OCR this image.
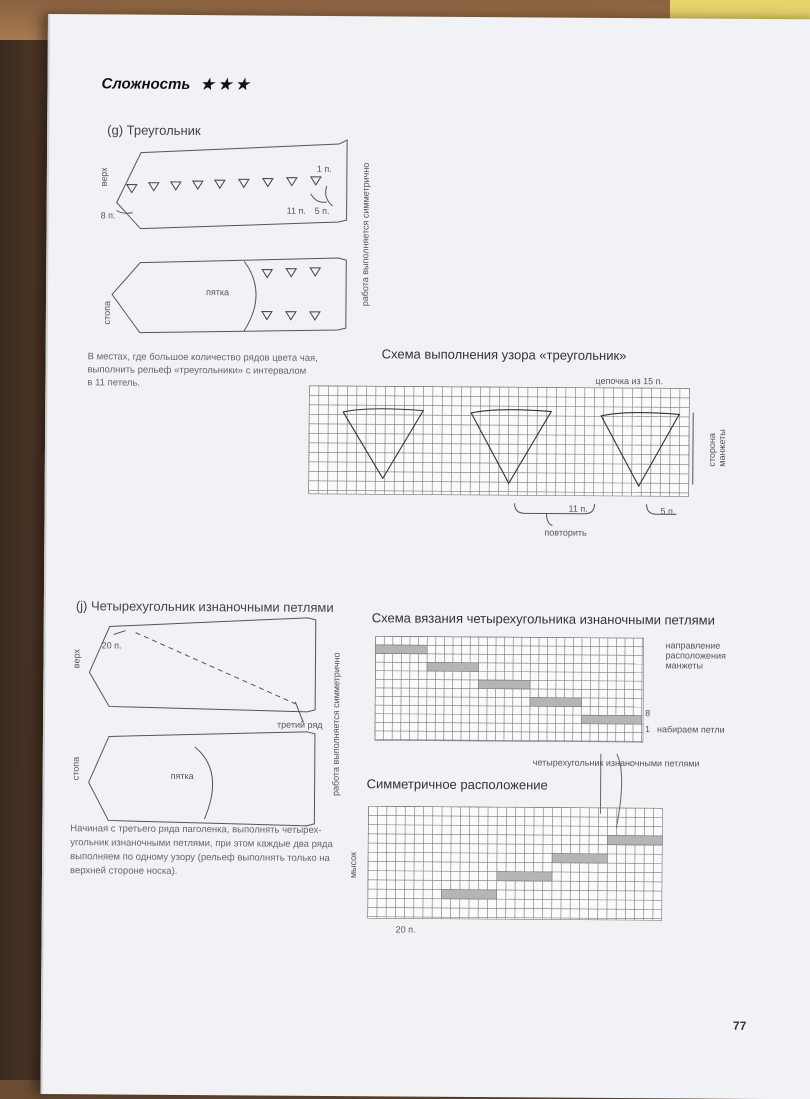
Сложность ★ ★ ★
(g) Треугольник
1 п.
8 п.	11 п. 5 п.
верх
стопа
пятка	работа выполняется симметрично
В местах, где большое количество рядов цвета чая,
выполнить рельеф «треугольники» с интервалом
в 11 петель.
Схема выполнения узора «треугольник»
цепочка из 15 п.
сторона манжеты
11 п.	5 п.
повторить
(j) Четырехугольник изнаночными петлями
20 п.
верх
стопа	пятка
третий ряд работа выполняется симметрично
Начиная с третьего ряда паголенка, выполнять четырех-
угольник изнаночными петлями, при этом каждые два ряда
выполняем по одному узору (рельеф выполнять только на
верхней стороне носка).
Схема вязания четырехугольника изнаночными петлями
направление
расположения
манжеты
8
1 набираем петли
четырехугольник изнаночными петлями
Симметричное расположение
мысок
20 п.
77
